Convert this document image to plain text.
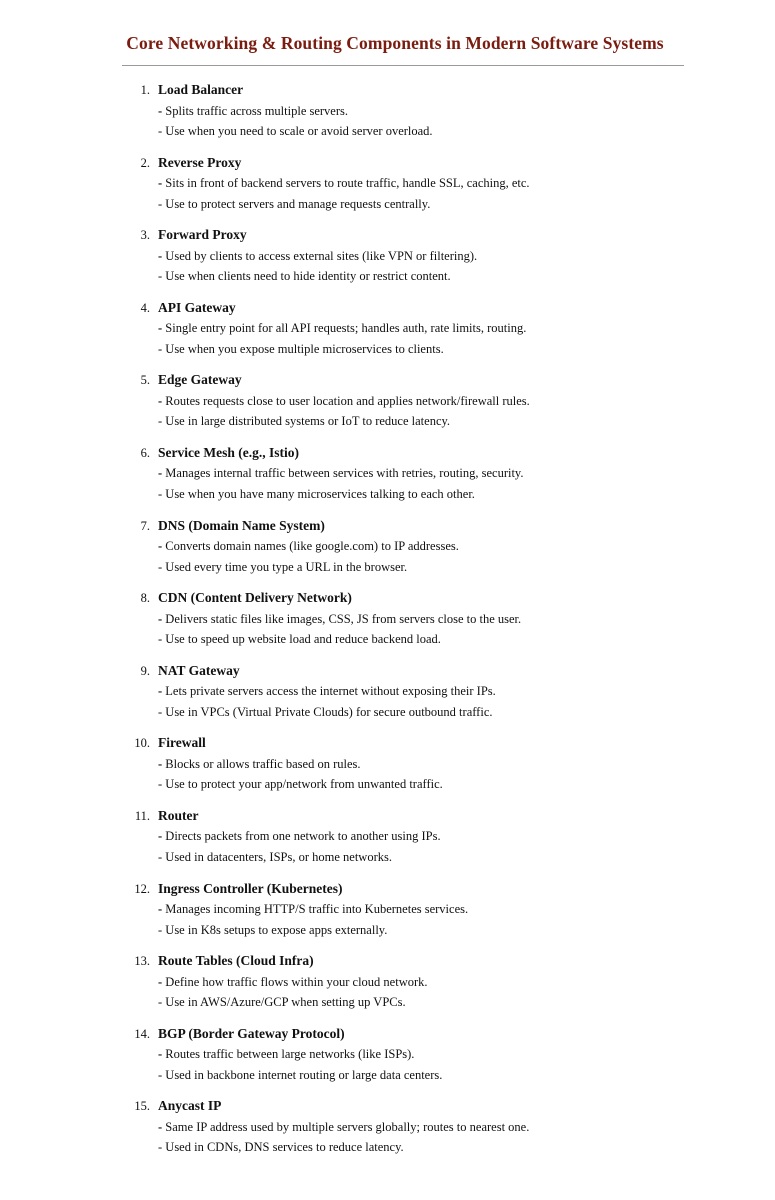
Core Networking & Routing Components in Modern Software Systems
1. Load Balancer
- Splits traffic across multiple servers.
- Use when you need to scale or avoid server overload.
2. Reverse Proxy
- Sits in front of backend servers to route traffic, handle SSL, caching, etc.
- Use to protect servers and manage requests centrally.
3. Forward Proxy
- Used by clients to access external sites (like VPN or filtering).
- Use when clients need to hide identity or restrict content.
4. API Gateway
- Single entry point for all API requests; handles auth, rate limits, routing.
- Use when you expose multiple microservices to clients.
5. Edge Gateway
- Routes requests close to user location and applies network/firewall rules.
- Use in large distributed systems or IoT to reduce latency.
6. Service Mesh (e.g., Istio)
- Manages internal traffic between services with retries, routing, security.
- Use when you have many microservices talking to each other.
7. DNS (Domain Name System)
- Converts domain names (like google.com) to IP addresses.
- Used every time you type a URL in the browser.
8. CDN (Content Delivery Network)
- Delivers static files like images, CSS, JS from servers close to the user.
- Use to speed up website load and reduce backend load.
9. NAT Gateway
- Lets private servers access the internet without exposing their IPs.
- Use in VPCs (Virtual Private Clouds) for secure outbound traffic.
10. Firewall
- Blocks or allows traffic based on rules.
- Use to protect your app/network from unwanted traffic.
11. Router
- Directs packets from one network to another using IPs.
- Used in datacenters, ISPs, or home networks.
12. Ingress Controller (Kubernetes)
- Manages incoming HTTP/S traffic into Kubernetes services.
- Use in K8s setups to expose apps externally.
13. Route Tables (Cloud Infra)
- Define how traffic flows within your cloud network.
- Use in AWS/Azure/GCP when setting up VPCs.
14. BGP (Border Gateway Protocol)
- Routes traffic between large networks (like ISPs).
- Used in backbone internet routing or large data centers.
15. Anycast IP
- Same IP address used by multiple servers globally; routes to nearest one.
- Used in CDNs, DNS services to reduce latency.
